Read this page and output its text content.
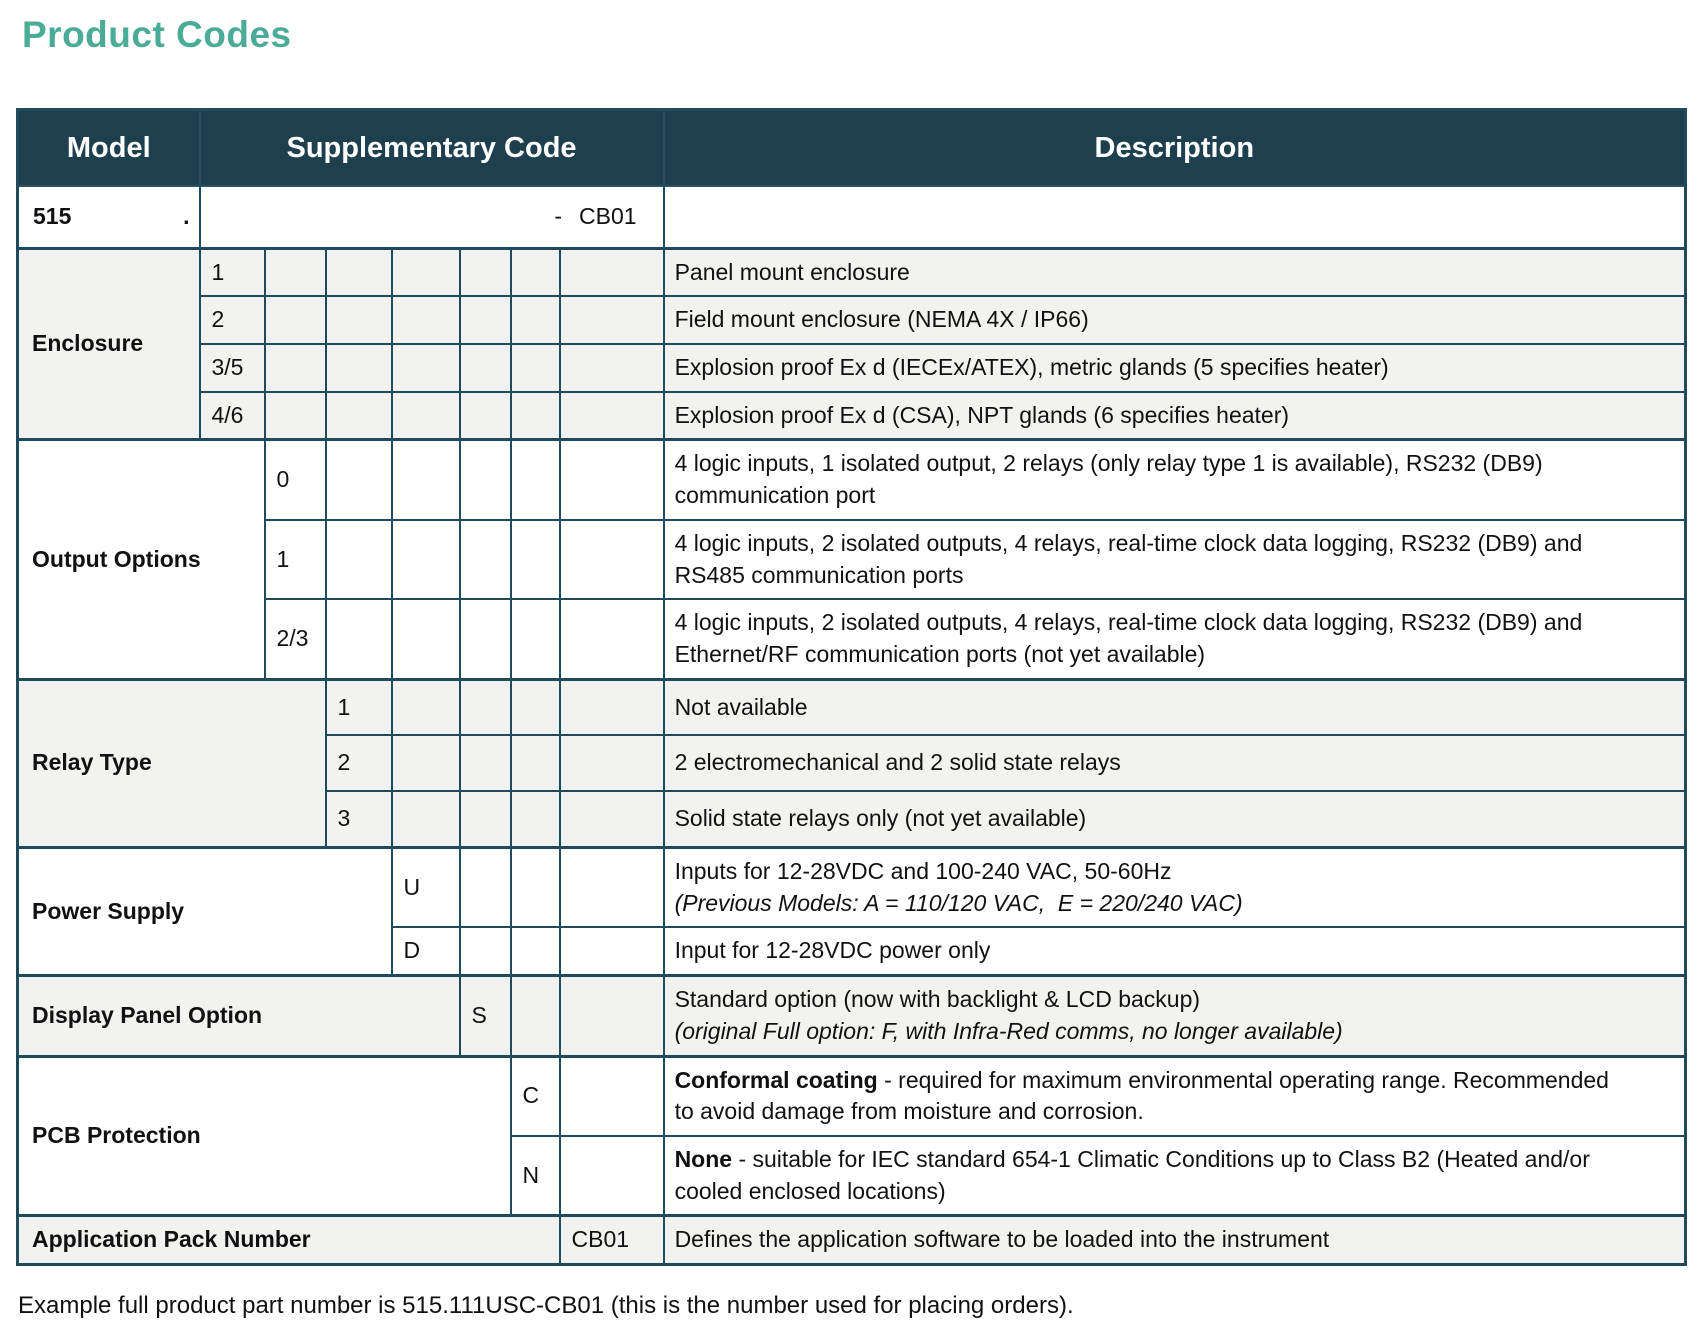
Product Codes
Model	Supplementary Code							Description

515 .	- CB01							
Enclosure	1							Panel mount enclosure
	2							Field mount enclosure (NEMA 4X / IP66)
	3/5							Explosion proof Ex d (IECEx/ATEX), metric glands (5 specifies heater)
	4/6							Explosion proof Ex d (CSA), NPT glands (6 specifies heater)
Output Options		0						4 logic inputs, 1 isolated output, 2 relays (only relay type 1 is available), RS232 (DB9) communication port
		1						4 logic inputs, 2 isolated outputs, 4 relays, real-time clock data logging, RS232 (DB9) and RS485 communication ports
		2/3						4 logic inputs, 2 isolated outputs, 4 relays, real-time clock data logging, RS232 (DB9) and Ethernet/RF communication ports (not yet available)
Relay Type			1					Not available
			2					2 electromechanical and 2 solid state relays
			3					Solid state relays only (not yet available)
Power Supply				U				Inputs for 12-28VDC and 100-240 VAC, 50-60Hz
(Previous Models: A = 110/120 VAC,  E = 220/240 VAC)

				D				Input for 12-28VDC power only
Display Panel Option					S			Standard option (now with backlight & LCD backup)
(original Full option: F, with Infra-Red comms, no longer available)

PCB Protection						C		Conformal coating - required for maximum environmental operating range. Recommended to avoid damage from moisture and corrosion.
						N		None - suitable for IEC standard 654-1 Climatic Conditions up to Class B2 (Heated and/or cooled enclosed locations)
Application Pack Number							CB01	Defines the application software to be loaded into the instrument
Example full product part number is 515.111USC-CB01 (this is the number used for placing orders).
